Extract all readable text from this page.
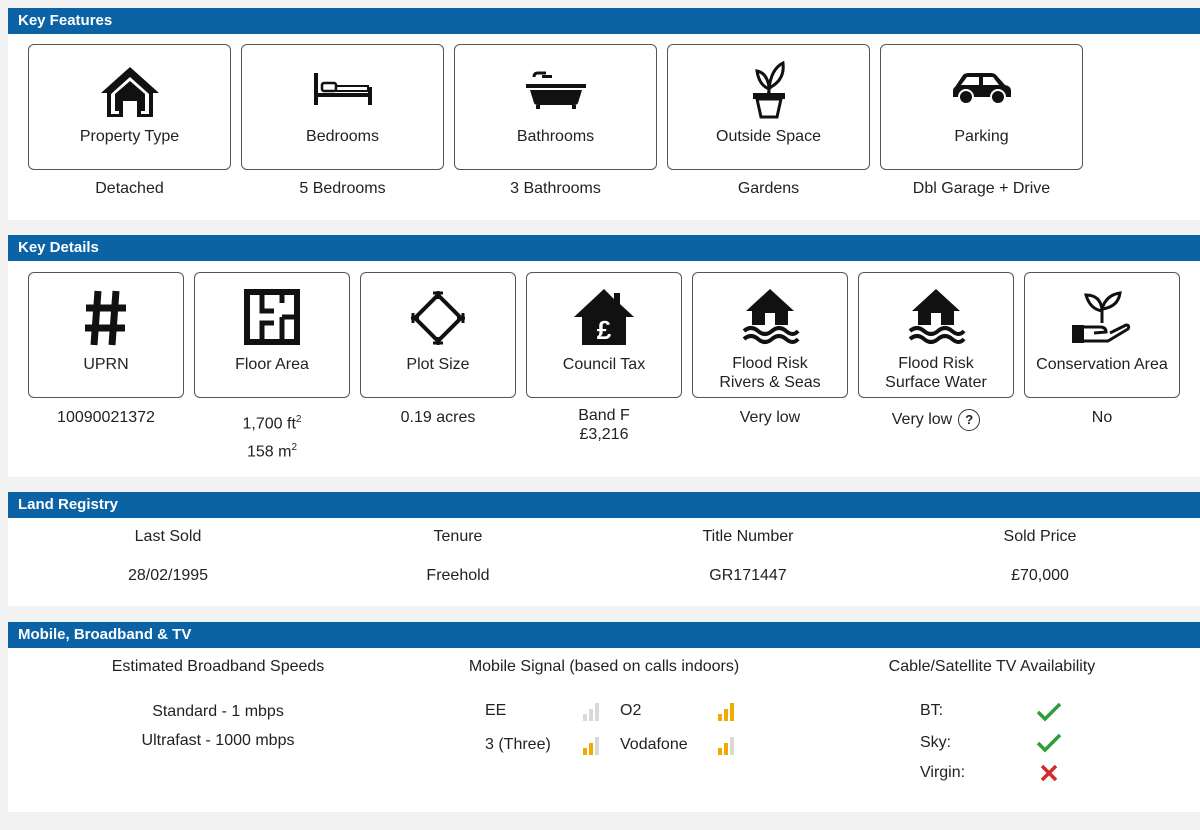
Key Features
Property Type
Detached
Bedrooms
5 Bedrooms
Bathrooms
3 Bathrooms
Outside Space
Gardens
Parking
Dbl Garage + Drive
Key Details
UPRN
10090021372
Floor Area
1,700 $ft^2$
158 $m^2$
Plot Size
0.19 acres
£
Council Tax
Band F
£3,216
Flood Risk
Rivers & Seas
Very low
Flood Risk
Surface Water
Very low ?
Conservation Area
No
Land Registry
Last Sold
28/02/1995
Tenure
Freehold
Title Number
GR171447
Sold Price
£70,000
Mobile, Broadband & TV
Estimated Broadband Speeds
Standard - 1 mbps
Ultrafast - 1000 mbps
Mobile Signal (based on calls indoors)
EE	O2
3 (Three)	Vodafone
Cable/Satellite TV Availability
BT:
Sky:
Virgin:
